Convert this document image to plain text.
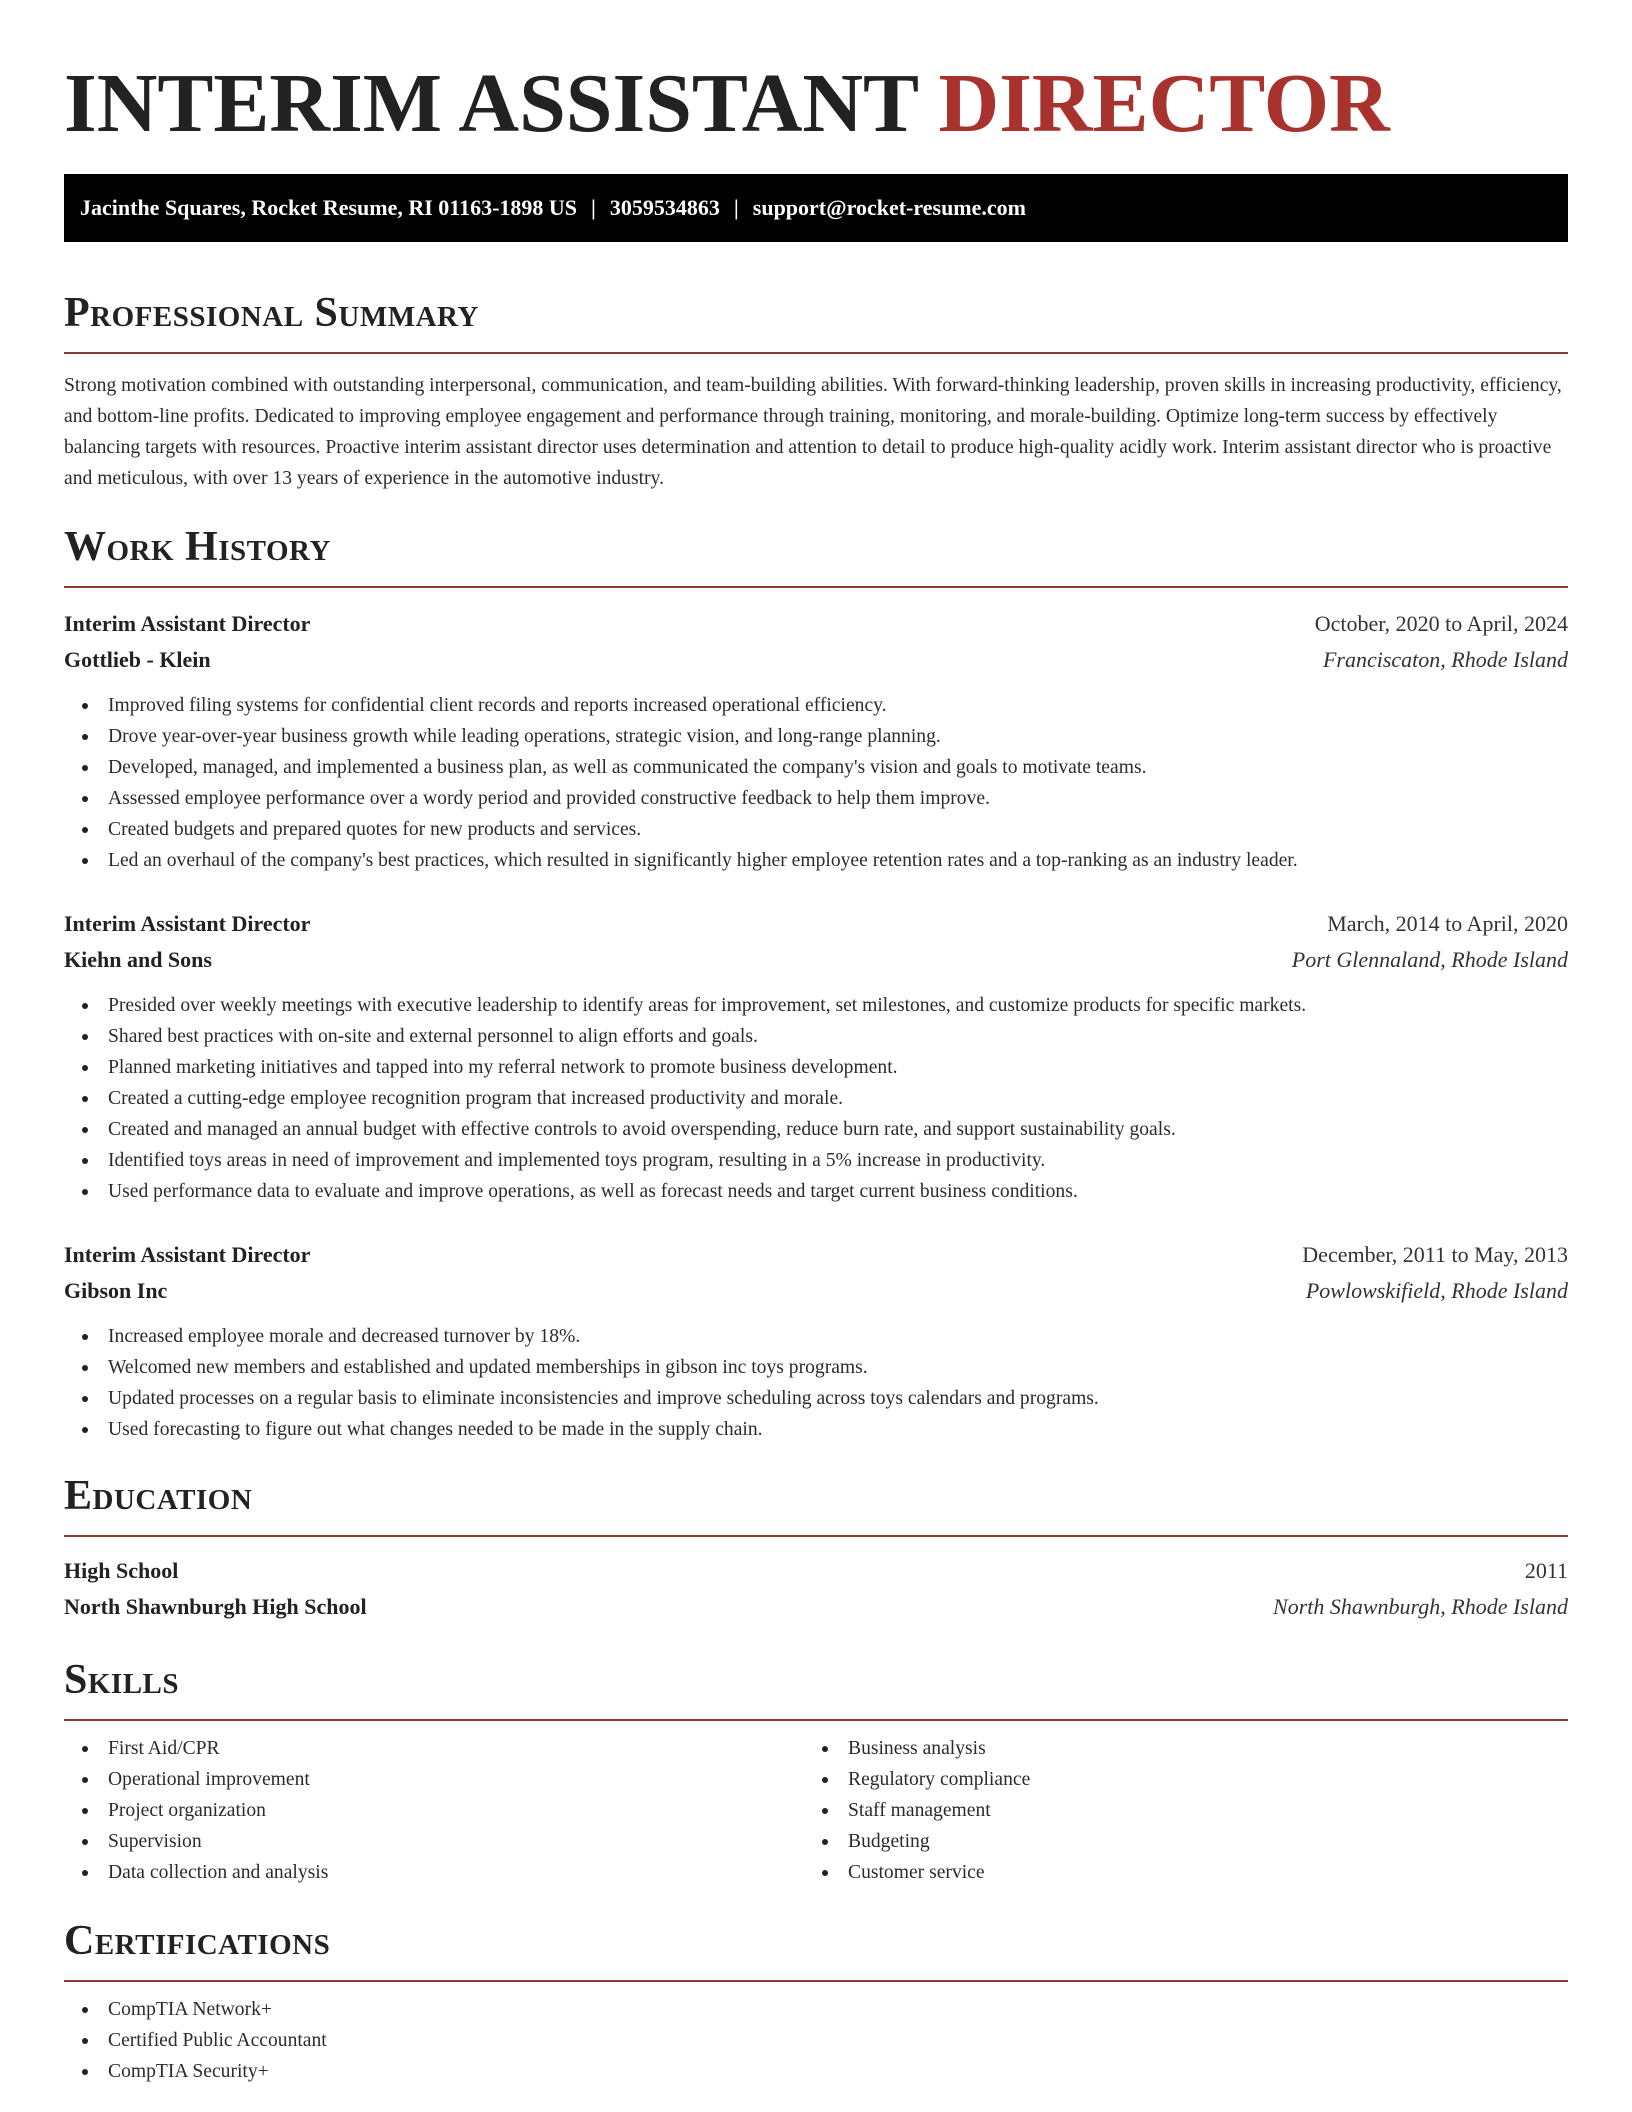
INTERIM ASSISTANT DIRECTOR
Jacinthe Squares, Rocket Resume, RI 01163-1898 US | 3059534863 | support@rocket-resume.com
Professional Summary

Strong motivation combined with outstanding interpersonal, communication, and team-building abilities. With forward-thinking leadership, proven skills in increasing productivity, efficiency, and bottom-line profits. Dedicated to improving employee engagement and performance through training, monitoring, and morale-building. Optimize long-term success by effectively balancing targets with resources. Proactive interim assistant director uses determination and attention to detail to produce high-quality acidly work. Interim assistant director who is proactive and meticulous, with over 13 years of experience in the automotive industry.

Work History
Interim Assistant Director	October, 2020 to April, 2024
Gottlieb - Klein	Franciscaton, Rhode Island
Improved filing systems for confidential client records and reports increased operational efficiency.
Drove year-over-year business growth while leading operations, strategic vision, and long-range planning.
Developed, managed, and implemented a business plan, as well as communicated the company's vision and goals to motivate teams.
Assessed employee performance over a wordy period and provided constructive feedback to help them improve.
Created budgets and prepared quotes for new products and services.
Led an overhaul of the company's best practices, which resulted in significantly higher employee retention rates and a top-ranking as an industry leader.
Interim Assistant Director	March, 2014 to April, 2020
Kiehn and Sons	Port Glennaland, Rhode Island
Presided over weekly meetings with executive leadership to identify areas for improvement, set milestones, and customize products for specific markets.
Shared best practices with on-site and external personnel to align efforts and goals.
Planned marketing initiatives and tapped into my referral network to promote business development.
Created a cutting-edge employee recognition program that increased productivity and morale.
Created and managed an annual budget with effective controls to avoid overspending, reduce burn rate, and support sustainability goals.
Identified toys areas in need of improvement and implemented toys program, resulting in a 5% increase in productivity.
Used performance data to evaluate and improve operations, as well as forecast needs and target current business conditions.
Interim Assistant Director	December, 2011 to May, 2013
Gibson Inc	Powlowskifield, Rhode Island
Increased employee morale and decreased turnover by 18%.
Welcomed new members and established and updated memberships in gibson inc toys programs.
Updated processes on a regular basis to eliminate inconsistencies and improve scheduling across toys calendars and programs.
Used forecasting to figure out what changes needed to be made in the supply chain.
Education
High School	2011
North Shawnburgh High School	North Shawnburgh, Rhode Island
Skills
First Aid/CPR
Operational improvement
Project organization
Supervision
Data collection and analysis
Business analysis
Regulatory compliance
Staff management
Budgeting
Customer service
Certifications
CompTIA Network+
Certified Public Accountant
CompTIA Security+
